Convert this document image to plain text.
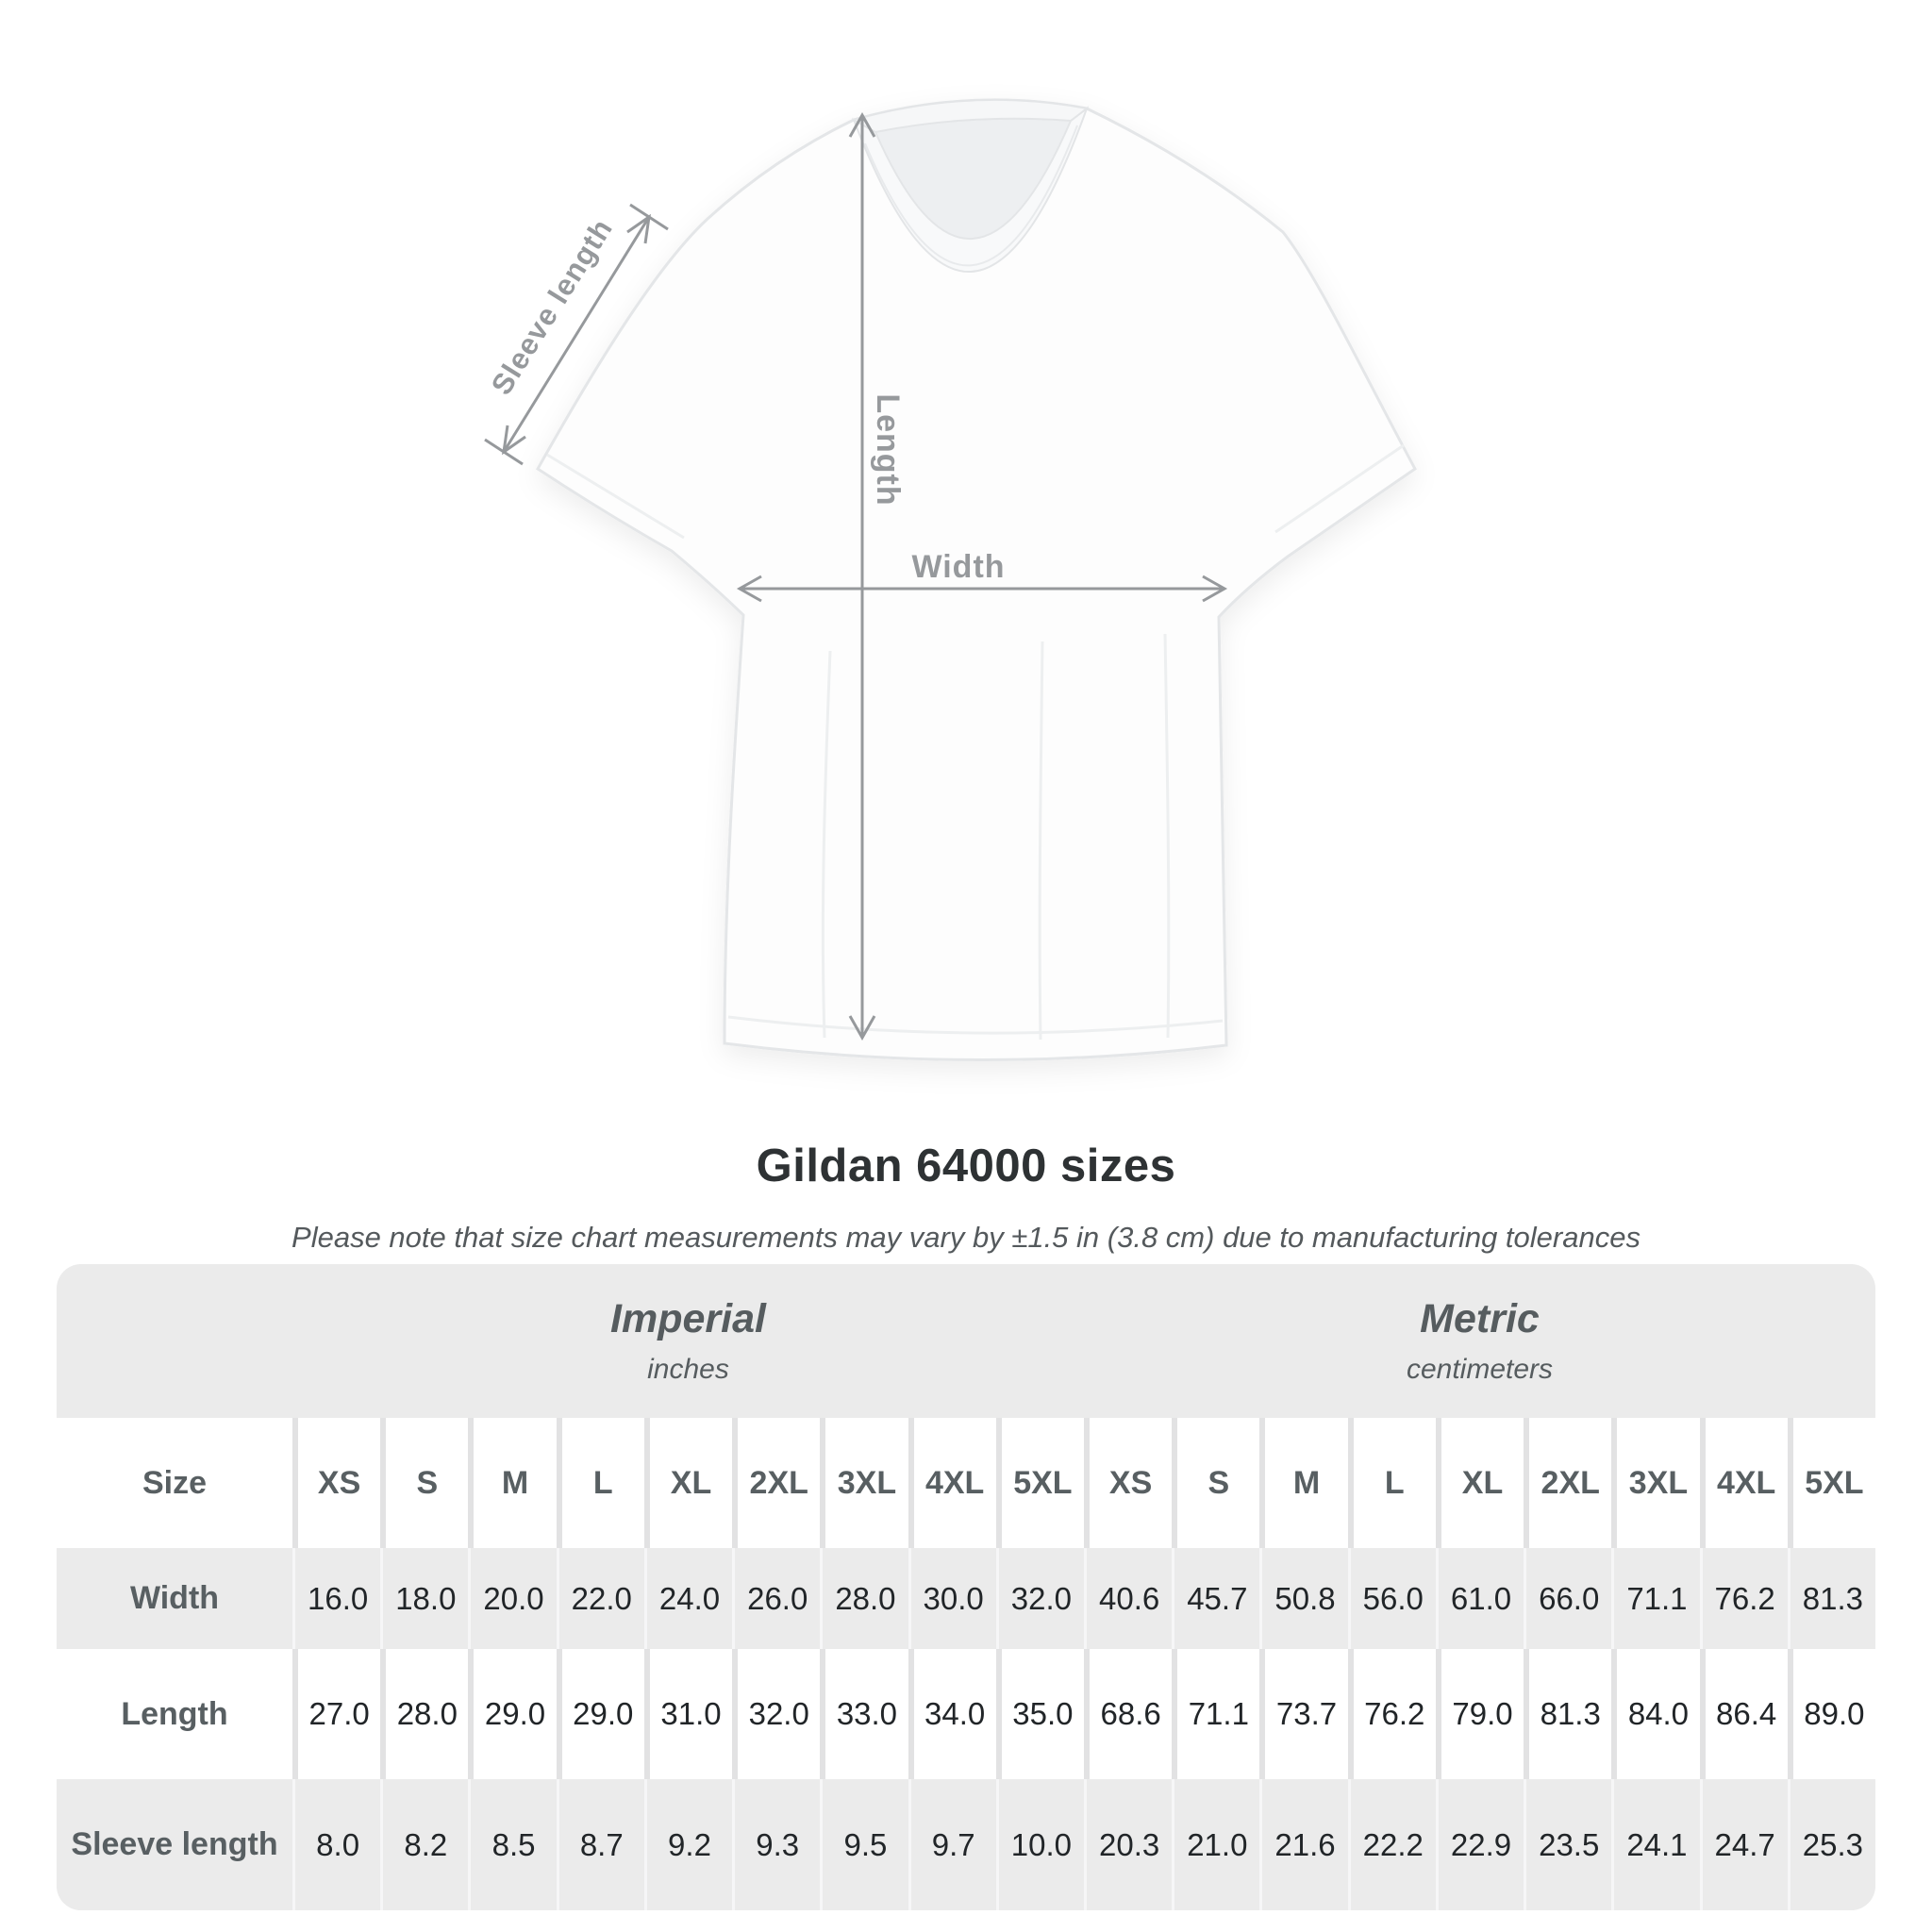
Width
Length
Sleeve length
Gildan 64000 sizes
Please note that size chart measurements may vary by ±1.5 in (3.8 cm) due to manufacturing tolerances
Imperial
inches
Metric
centimeters
Size	XS	S	M	L	XL	2XL 3XL 4XL 5XL	XS	S	M	L	XL	2XL 3XL 4XL 5XL
Width	16.0 18.0 20.0 22.0 24.0 26.0 28.0 30.0 32.0 40.6 45.7 50.8 56.0 61.0 66.0 71.1 76.2 81.3
Length	27.0 28.0 29.0 29.0 31.0 32.0 33.0 34.0 35.0 68.6 71.1 73.7 76.2 79.0 81.3 84.0 86.4 89.0
Sleeve length	8.0	8.2	8.5	8.7	9.2	9.3	9.5	9.7	10.0 20.3 21.0 21.6 22.2 22.9 23.5 24.1 24.7 25.3
